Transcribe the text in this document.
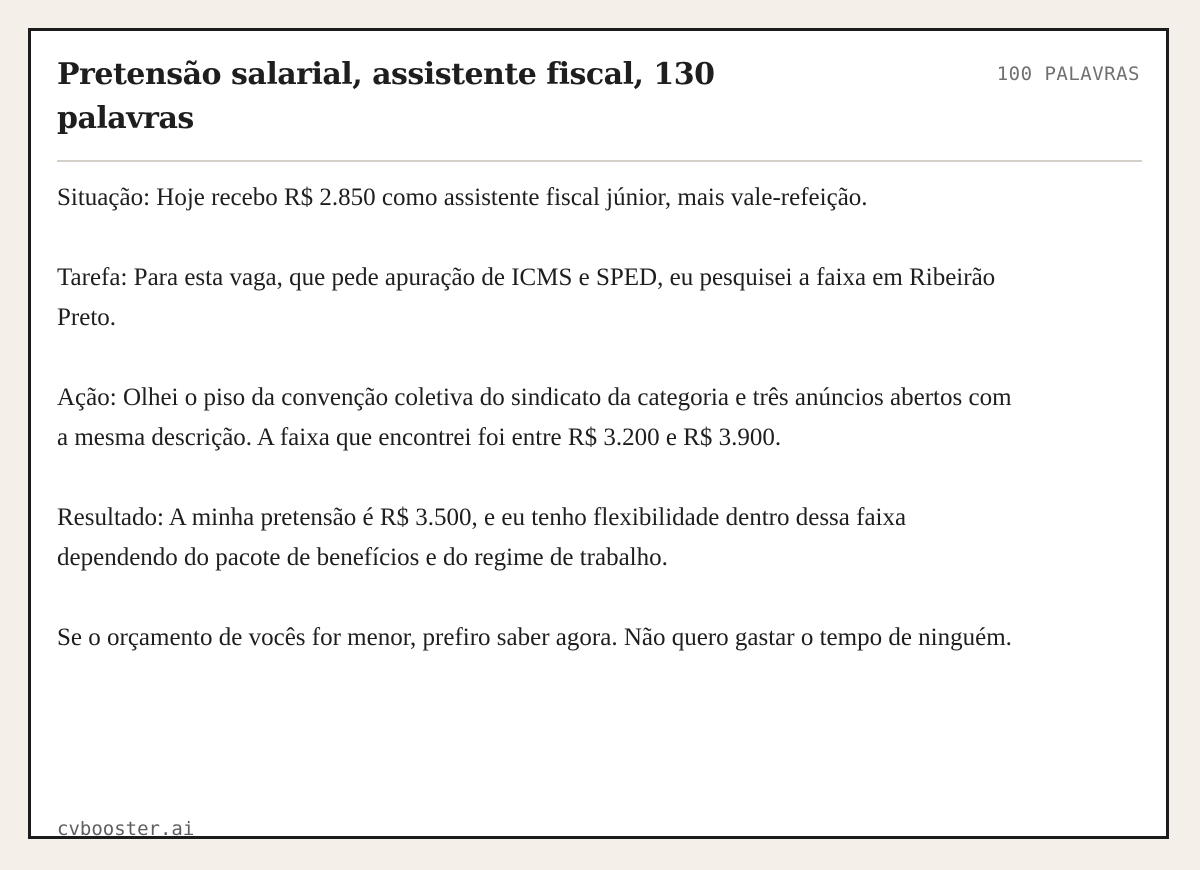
Pretensão salarial, assistente fiscal, 130 palavras
100 PALAVRAS

Situação: Hoje recebo R$ 2.850 como assistente fiscal júnior, mais vale-refeição.

Tarefa: Para esta vaga, que pede apuração de ICMS e SPED, eu pesquisei a faixa em Ribeirão Preto.

Ação: Olhei o piso da convenção coletiva do sindicato da categoria e três anúncios abertos com a mesma descrição. A faixa que encontrei foi entre R$ 3.200 e R$ 3.900.

Resultado: A minha pretensão é R$ 3.500, e eu tenho flexibilidade dentro dessa faixa dependendo do pacote de benefícios e do regime de trabalho.

Se o orçamento de vocês for menor, prefiro saber agora. Não quero gastar o tempo de ninguém.

cvbooster.ai
